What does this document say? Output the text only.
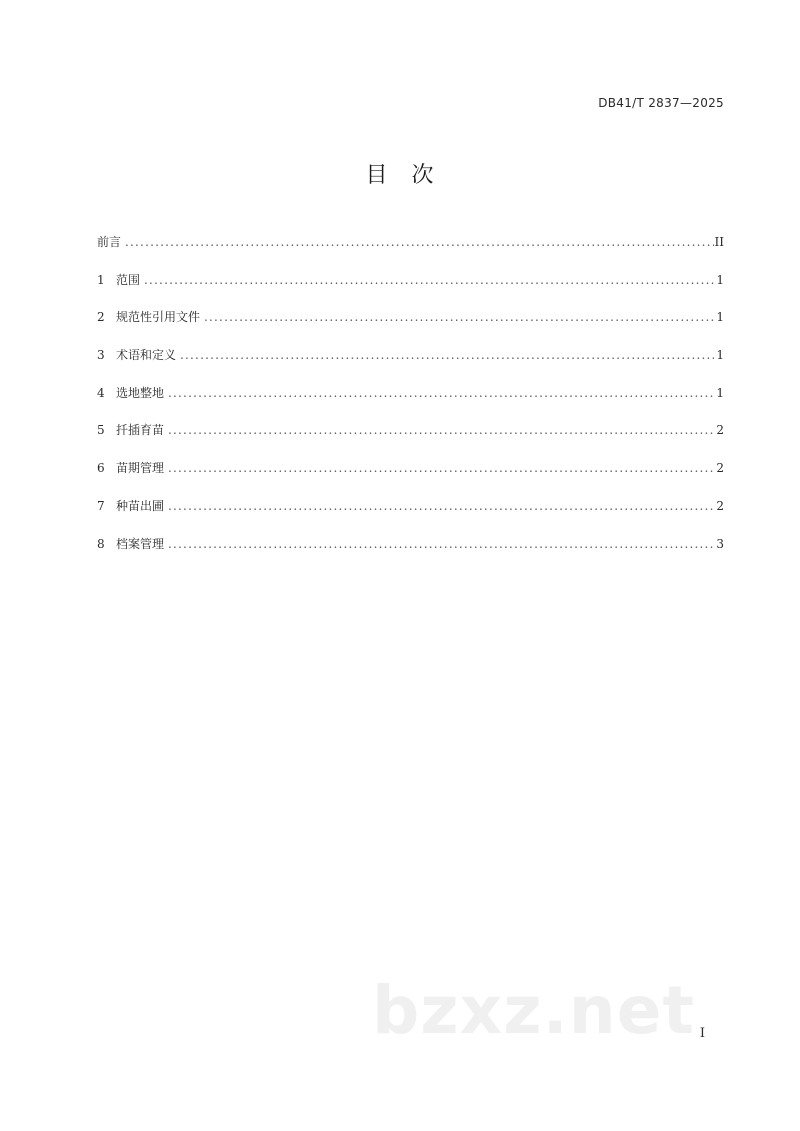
DB41/T 2837—2025
目　次
前言 .....	II
1 范围 .....	1
2 规范性引用文件 .....	1
3 术语和定义 .....	1
4 选地整地 .....	1
5 扦插育苗 .....	2
6 苗期管理 .....	2
7 种苗出圃 .....	2
8 档案管理 .....	3
bzxz.net I
